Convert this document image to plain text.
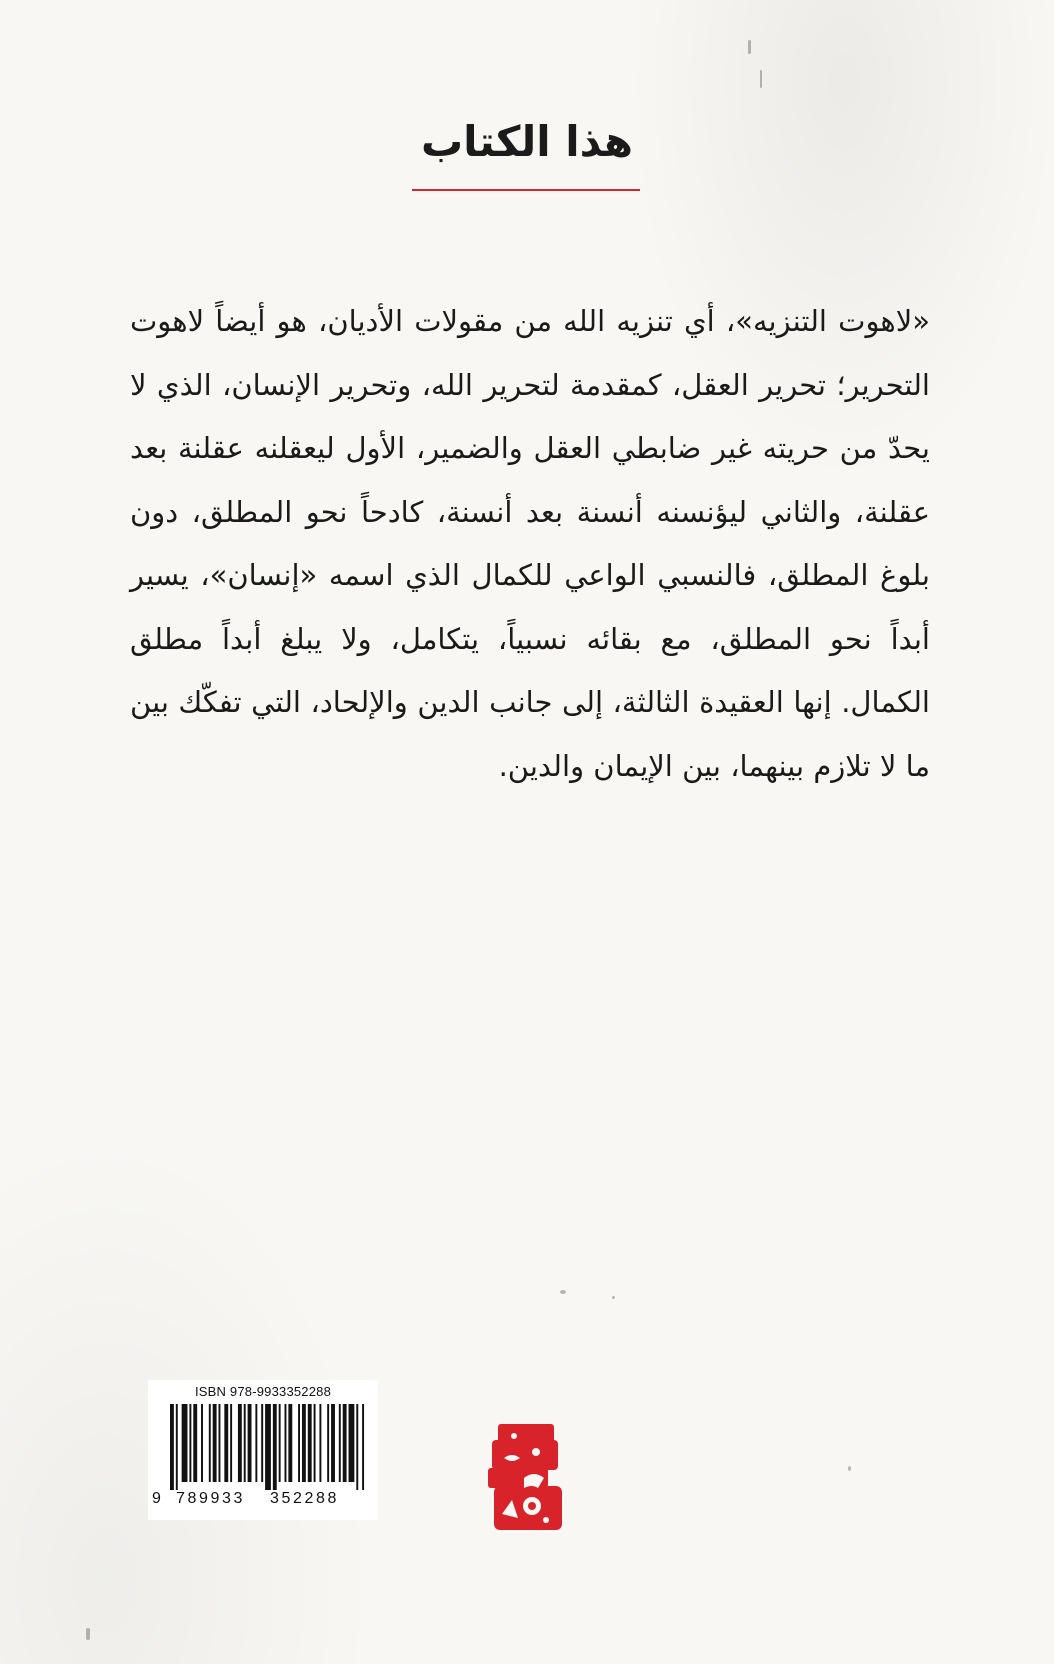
هذا الكتاب

«لاهوت التنزيه»، أي تنزيه الله من مقولات الأديان، هو أيضاً لاهوت التحرير؛ تحرير العقل، كمقدمة لتحرير الله، وتحرير الإنسان، الذي لا يحدّ من حريته غير ضابطي العقل والضمير، الأول ليعقلنه عقلنة بعد عقلنة، والثاني ليؤنسنه أنسنة بعد أنسنة، كادحاً نحو المطلق، دون بلوغ المطلق، فالنسبي الواعي للكمال الذي اسمه «إنسان»، يسير أبداً نحو المطلق، مع بقائه نسبياً، يتكامل، ولا يبلغ أبداً مطلق الكمال. إنها العقيدة الثالثة، إلى جانب الدين والإلحاد، التي تفكّك بين ما لا تلازم بينهما، بين الإيمان والدين.

ISBN 978-9933352288
9 789933 352288
